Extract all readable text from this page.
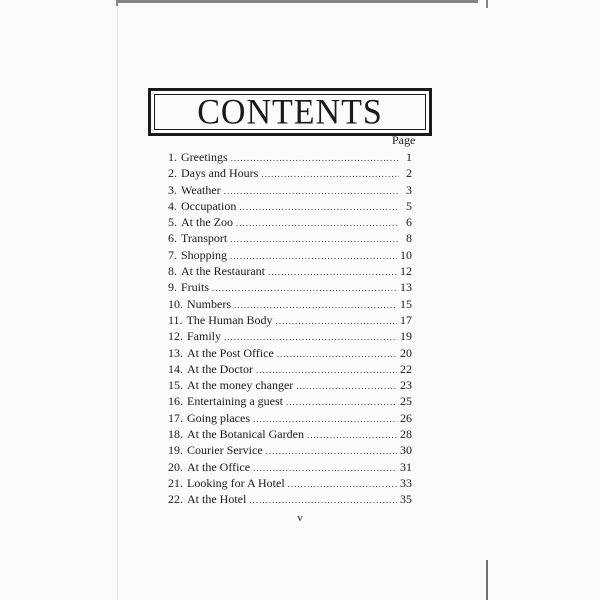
CONTENTS
Page
1. Greetings .....	1
2. Days and Hours .....	2
3. Weather .....	3
4. Occupation .....	5
5. At the Zoo .....	6
6. Transport .....	8
7. Shopping .....	10
8. At the Restaurant .....	12
9. Fruits .....	13
10. Numbers .....	15
11. The Human Body .....	17
12. Family .....	19
13. At the Post Office .....	20
14. At the Doctor .....	22
15. At the money changer .....	23
16. Entertaining a guest .....	25
17. Going places .....	26
18. At the Botanical Garden .....	28
19. Courier Service .....	30
20. At the Office .....	31
21. Looking for A Hotel .....	33
22. At the Hotel .....	35
v
